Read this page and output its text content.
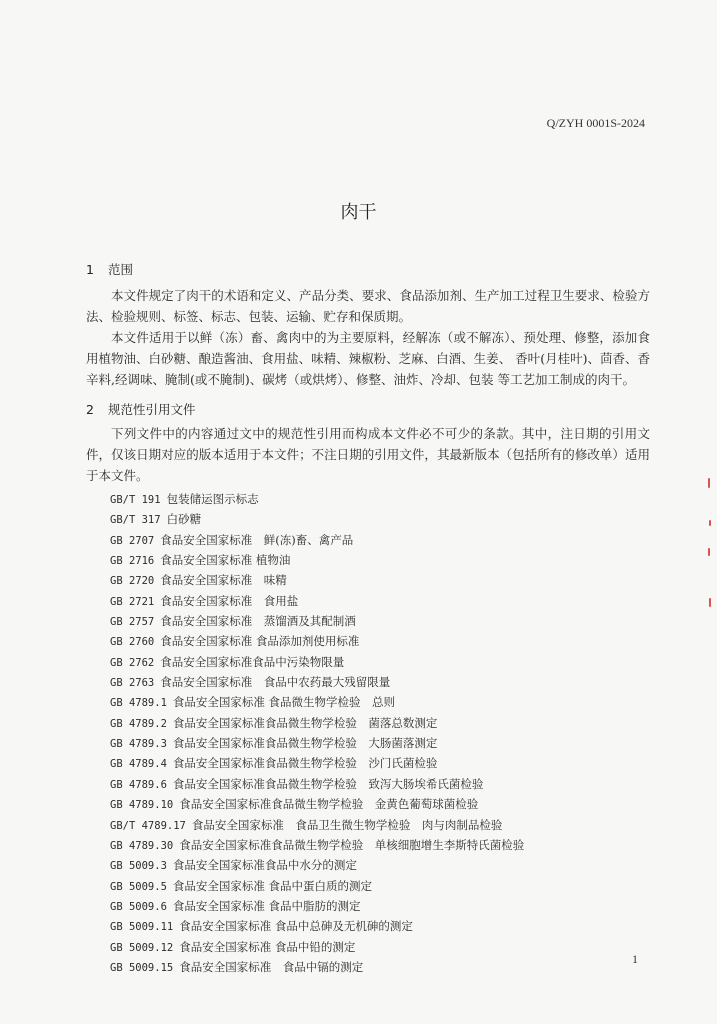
Q/ZYH 0001S-2024
肉干
1 范围
本文件规定了肉干的术语和定义、产品分类、要求、食品添加剂、生产加工过程卫生要求、检验方法、检验规则、标签、标志、包装、运输、贮存和保质期。
本文件适用于以鲜（冻）畜、禽肉中的为主要原料，经解冻（或不解冻）、预处理、修整，添加食用植物油、白砂糖、酿造酱油、食用盐、味精、辣椒粉、芝麻、白酒、生姜、 香叶(月桂叶)、茴香、香辛料,经调味、腌制(或不腌制)、碳烤（或烘烤）、修整、油炸、冷却、包装 等工艺加工制成的肉干。
2 规范性引用文件
下列文件中的内容通过文中的规范性引用而构成本文件必不可少的条款。其中，注日期的引用文件，仅该日期对应的版本适用于本文件；不注日期的引用文件，其最新版本（包括所有的修改单）适用于本文件。
GB/T 191 包装储运图示标志
GB/T 317 白砂糖
GB 2707 食品安全国家标准　鲜(冻)畜、禽产品
GB 2716 食品安全国家标准 植物油
GB 2720 食品安全国家标准　味精
GB 2721 食品安全国家标准　食用盐
GB 2757 食品安全国家标准　蒸馏酒及其配制酒
GB 2760 食品安全国家标准 食品添加剂使用标准
GB 2762 食品安全国家标准食品中污染物限量
GB 2763 食品安全国家标准　食品中农药最大残留限量
GB 4789.1 食品安全国家标准 食品微生物学检验　总则
GB 4789.2 食品安全国家标准食品微生物学检验　菌落总数测定
GB 4789.3 食品安全国家标准食品微生物学检验　大肠菌落测定
GB 4789.4 食品安全国家标准食品微生物学检验　沙门氏菌检验
GB 4789.6 食品安全国家标准食品微生物学检验　致泻大肠埃希氏菌检验
GB 4789.10 食品安全国家标准食品微生物学检验　金黄色葡萄球菌检验
GB/T 4789.17 食品安全国家标准　食品卫生微生物学检验　肉与肉制品检验
GB 4789.30 食品安全国家标准食品微生物学检验　单核细胞增生李斯特氏菌检验
GB 5009.3 食品安全国家标准食品中水分的测定
GB 5009.5 食品安全国家标准 食品中蛋白质的测定
GB 5009.6 食品安全国家标准 食品中脂肪的测定
GB 5009.11 食品安全国家标准 食品中总砷及无机砷的测定
GB 5009.12 食品安全国家标准 食品中铅的测定
GB 5009.15 食品安全国家标准　食品中镉的测定
1
